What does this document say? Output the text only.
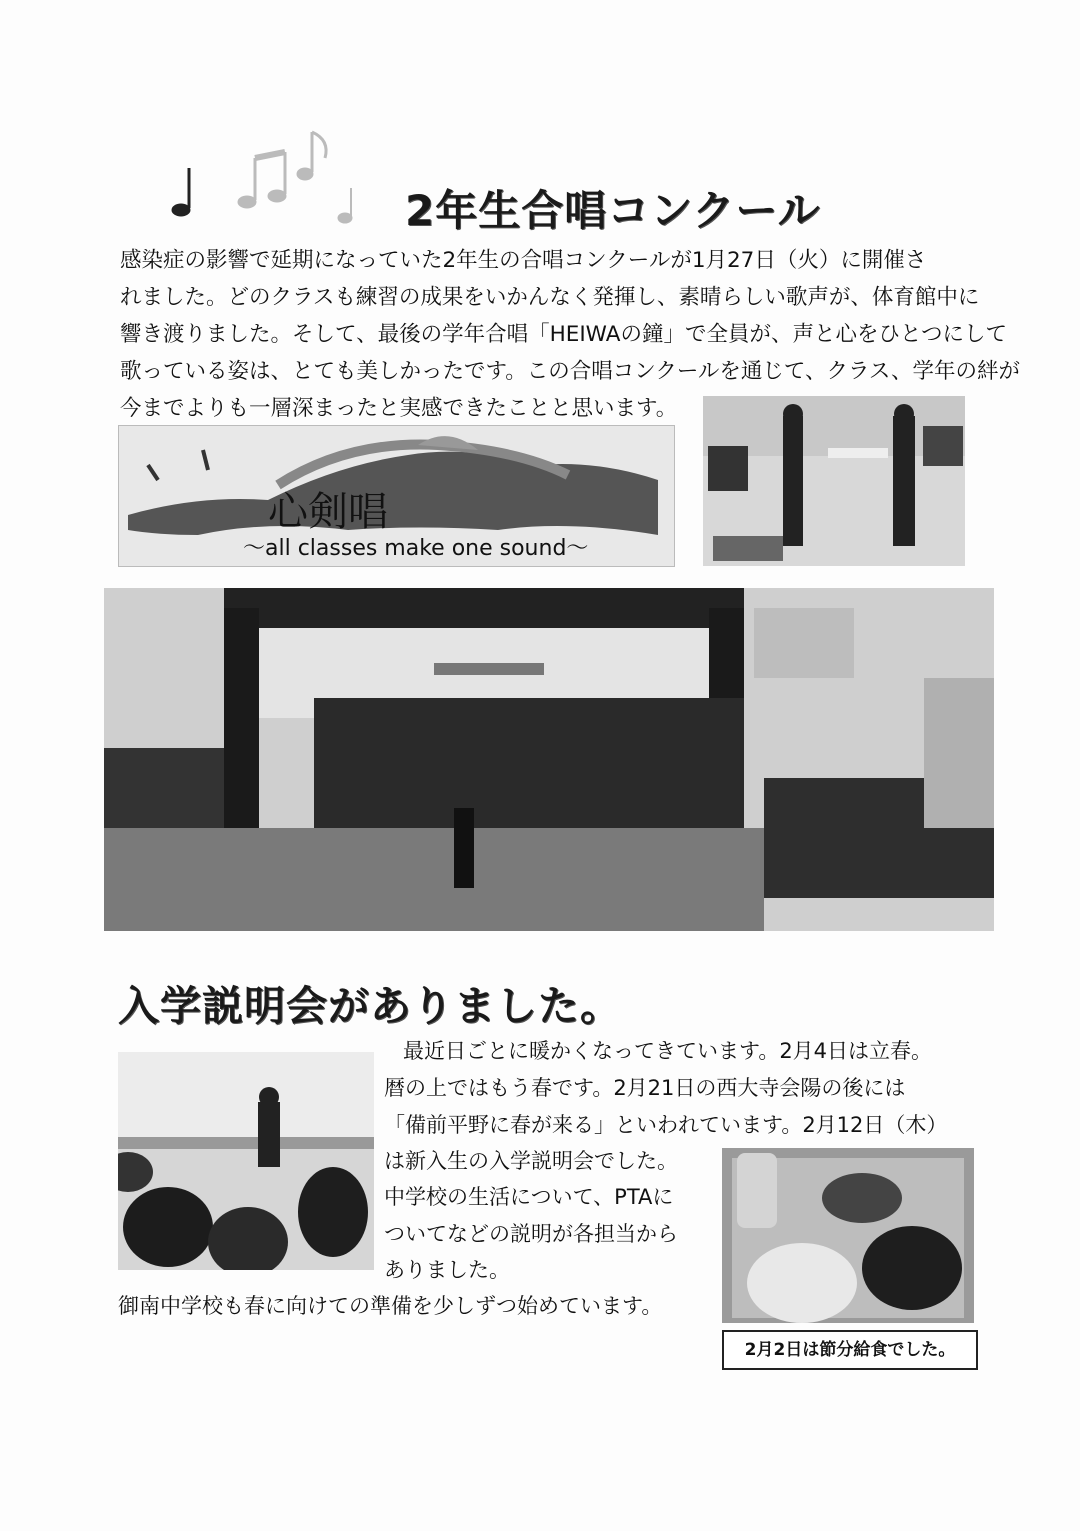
2年生合唱コンクール
感染症の影響で延期になっていた2年生の合唱コンクールが1月27日（火）に開催さ
れました。どのクラスも練習の成果をいかんなく発揮し、素晴らしい歌声が、体育館中に
響き渡りました。そして、最後の学年合唱「HEIWAの鐘」で全員が、声と心をひとつにして
歌っている姿は、とても美しかったです。この合唱コンクールを通じて、クラス、学年の絆が
今までよりも一層深まったと実感できたことと思います。
心剣唱
〜all classes make one sound〜
入学説明会がありました。
最近日ごとに暖かくなってきています。2月4日は立春。
暦の上ではもう春です。2月21日の西大寺会陽の後には
「備前平野に春が来る」といわれています。2月12日（木）
は新入生の入学説明会でした。
中学校の生活について、PTAに
ついてなどの説明が各担当から
ありました。
御南中学校も春に向けての準備を少しずつ始めています。
2月2日は節分給食でした。
